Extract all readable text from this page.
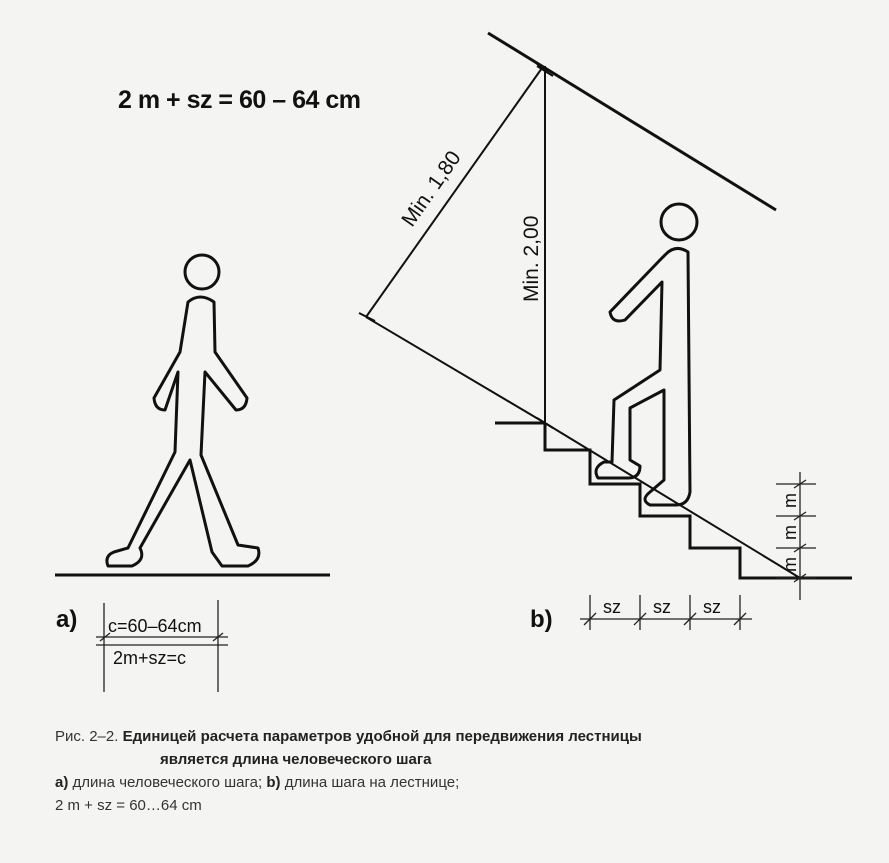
2 m + sz = 60 – 64 cm
c=60–64cm
2m+sz=c
Min. 1,80
Min. 2,00
m
m
m
sz sz sz
a)	b)
Рис. 2–2. Единицей расчета параметров удобной для передвижения лестницы
является длина человеческого шага
a) длина человеческого шага; b) длина шага на лестнице;
2 m + sz = 60…64 cm
